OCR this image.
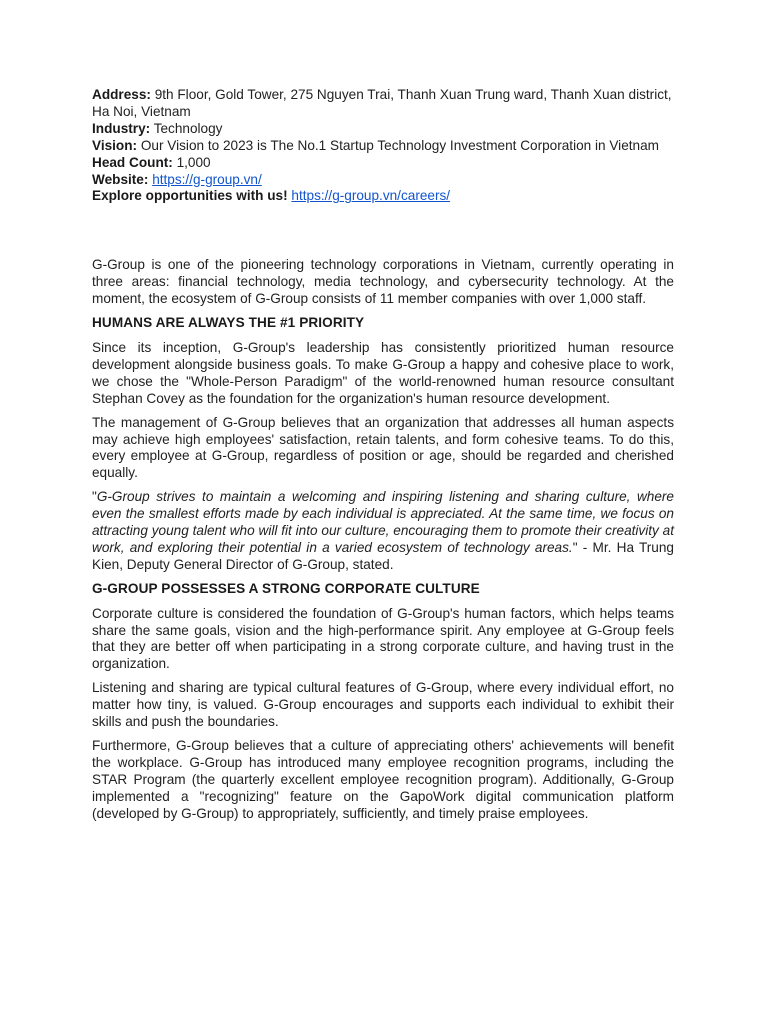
Address: 9th Floor, Gold Tower, 275 Nguyen Trai, Thanh Xuan Trung ward, Thanh Xuan district, Ha Noi, Vietnam

Industry: Technology

Vision: Our Vision to 2023 is The No.1 Startup Technology Investment Corporation in Vietnam

Head Count: 1,000

Website: https://g-group.vn/

Explore opportunities with us! https://g-group.vn/careers/

G-Group is one of the pioneering technology corporations in Vietnam, currently operating in three areas: financial technology, media technology, and cybersecurity technology. At the moment, the ecosystem of G-Group consists of 11 member companies with over 1,000 staff.

HUMANS ARE ALWAYS THE #1 PRIORITY

Since its inception, G-Group's leadership has consistently prioritized human resource development alongside business goals. To make G-Group a happy and cohesive place to work, we chose the "Whole-Person Paradigm" of the world-renowned human resource consultant Stephan Covey as the foundation for the organization's human resource development.

The management of G-Group believes that an organization that addresses all human aspects may achieve high employees' satisfaction, retain talents, and form cohesive teams. To do this, every employee at G-Group, regardless of position or age, should be regarded and cherished equally.

"G-Group strives to maintain a welcoming and inspiring listening and sharing culture, where even the smallest efforts made by each individual is appreciated. At the same time, we focus on attracting young talent who will fit into our culture, encouraging them to promote their creativity at work, and exploring their potential in a varied ecosystem of technology areas." - Mr. Ha Trung Kien, Deputy General Director of G-Group, stated.

G-GROUP POSSESSES A STRONG CORPORATE CULTURE

Corporate culture is considered the foundation of G-Group's human factors, which helps teams share the same goals, vision and the high-performance spirit. Any employee at G-Group feels that they are better off when participating in a strong corporate culture, and having trust in the organization.

Listening and sharing are typical cultural features of G-Group, where every individual effort, no matter how tiny, is valued. G-Group encourages and supports each individual to exhibit their skills and push the boundaries.

Furthermore, G-Group believes that a culture of appreciating others' achievements will benefit the workplace. G-Group has introduced many employee recognition programs, including the STAR Program (the quarterly excellent employee recognition program). Additionally, G-Group implemented a "recognizing" feature on the GapoWork digital communication platform (developed by G-Group) to appropriately, sufficiently, and timely praise employees.
